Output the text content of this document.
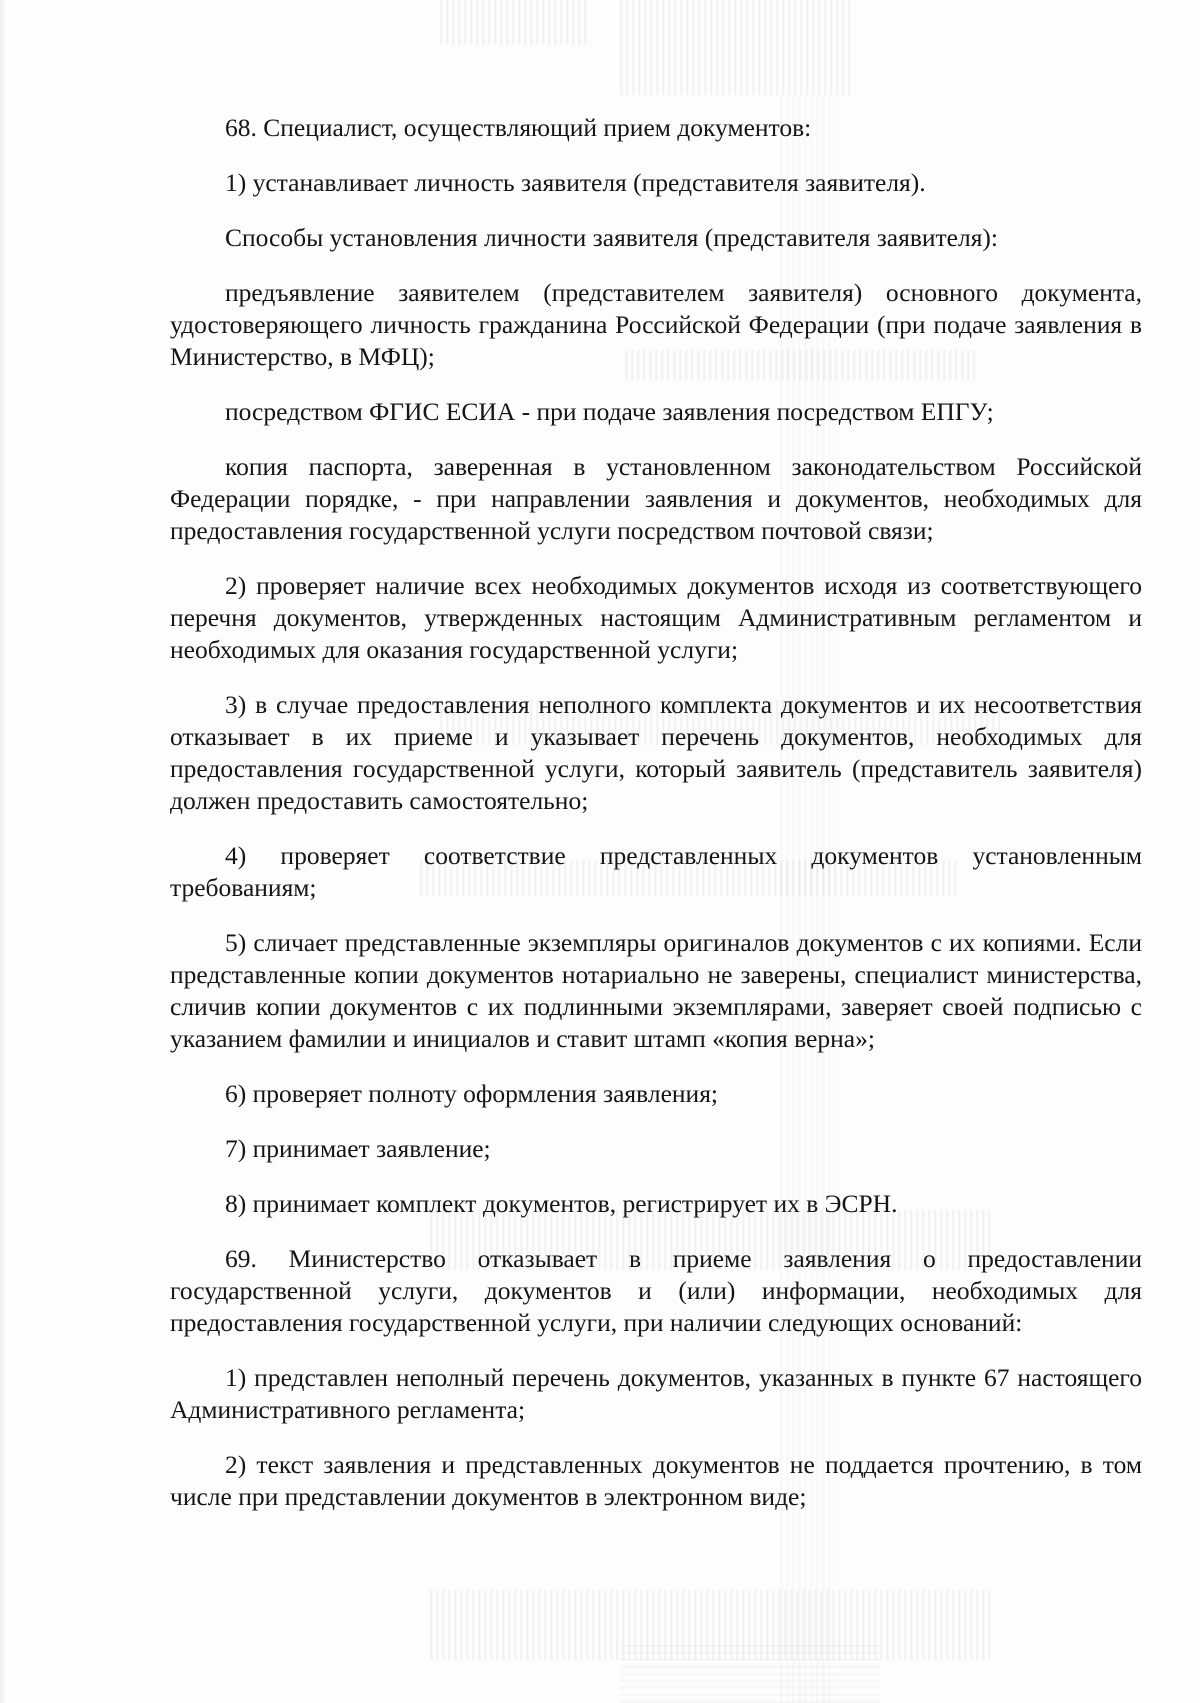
68. Специалист, осуществляющий прием документов:

1) устанавливает личность заявителя (представителя заявителя).

Способы установления личности заявителя (представителя заявителя):

предъявление заявителем (представителем заявителя) основного документа, удостоверяющего личность гражданина Российской Федерации (при подаче заявления в Министерство, в МФЦ);

посредством ФГИС ЕСИА - при подаче заявления посредством ЕПГУ;

копия паспорта, заверенная в установленном законодательством Российской Федерации порядке, - при направлении заявления и документов, необходимых для предоставления государственной услуги посредством почтовой связи;

2) проверяет наличие всех необходимых документов исходя из соответствующего перечня документов, утвержденных настоящим Административным регламентом и необходимых для оказания государственной услуги;

3) в случае предоставления неполного комплекта документов и их несоответствия отказывает в их приеме и указывает перечень документов, необходимых для предоставления государственной услуги, который заявитель (представитель заявителя) должен предоставить самостоятельно;

4) проверяет соответствие представленных документов установленным требованиям;

5) сличает представленные экземпляры оригиналов документов с их копиями. Если представленные копии документов нотариально не заверены, специалист министерства, сличив копии документов с их подлинными экземплярами, заверяет своей подписью с указанием фамилии и инициалов и ставит штамп «копия верна»;

6) проверяет полноту оформления заявления;

7) принимает заявление;

8) принимает комплект документов, регистрирует их в ЭСРН.

69. Министерство отказывает в приеме заявления о предоставлении государственной услуги, документов и (или) информации, необходимых для предоставления государственной услуги, при наличии следующих оснований:

1) представлен неполный перечень документов, указанных в пункте 67 настоящего Административного регламента;

2) текст заявления и представленных документов не поддается прочтению, в том числе при представлении документов в электронном виде;
